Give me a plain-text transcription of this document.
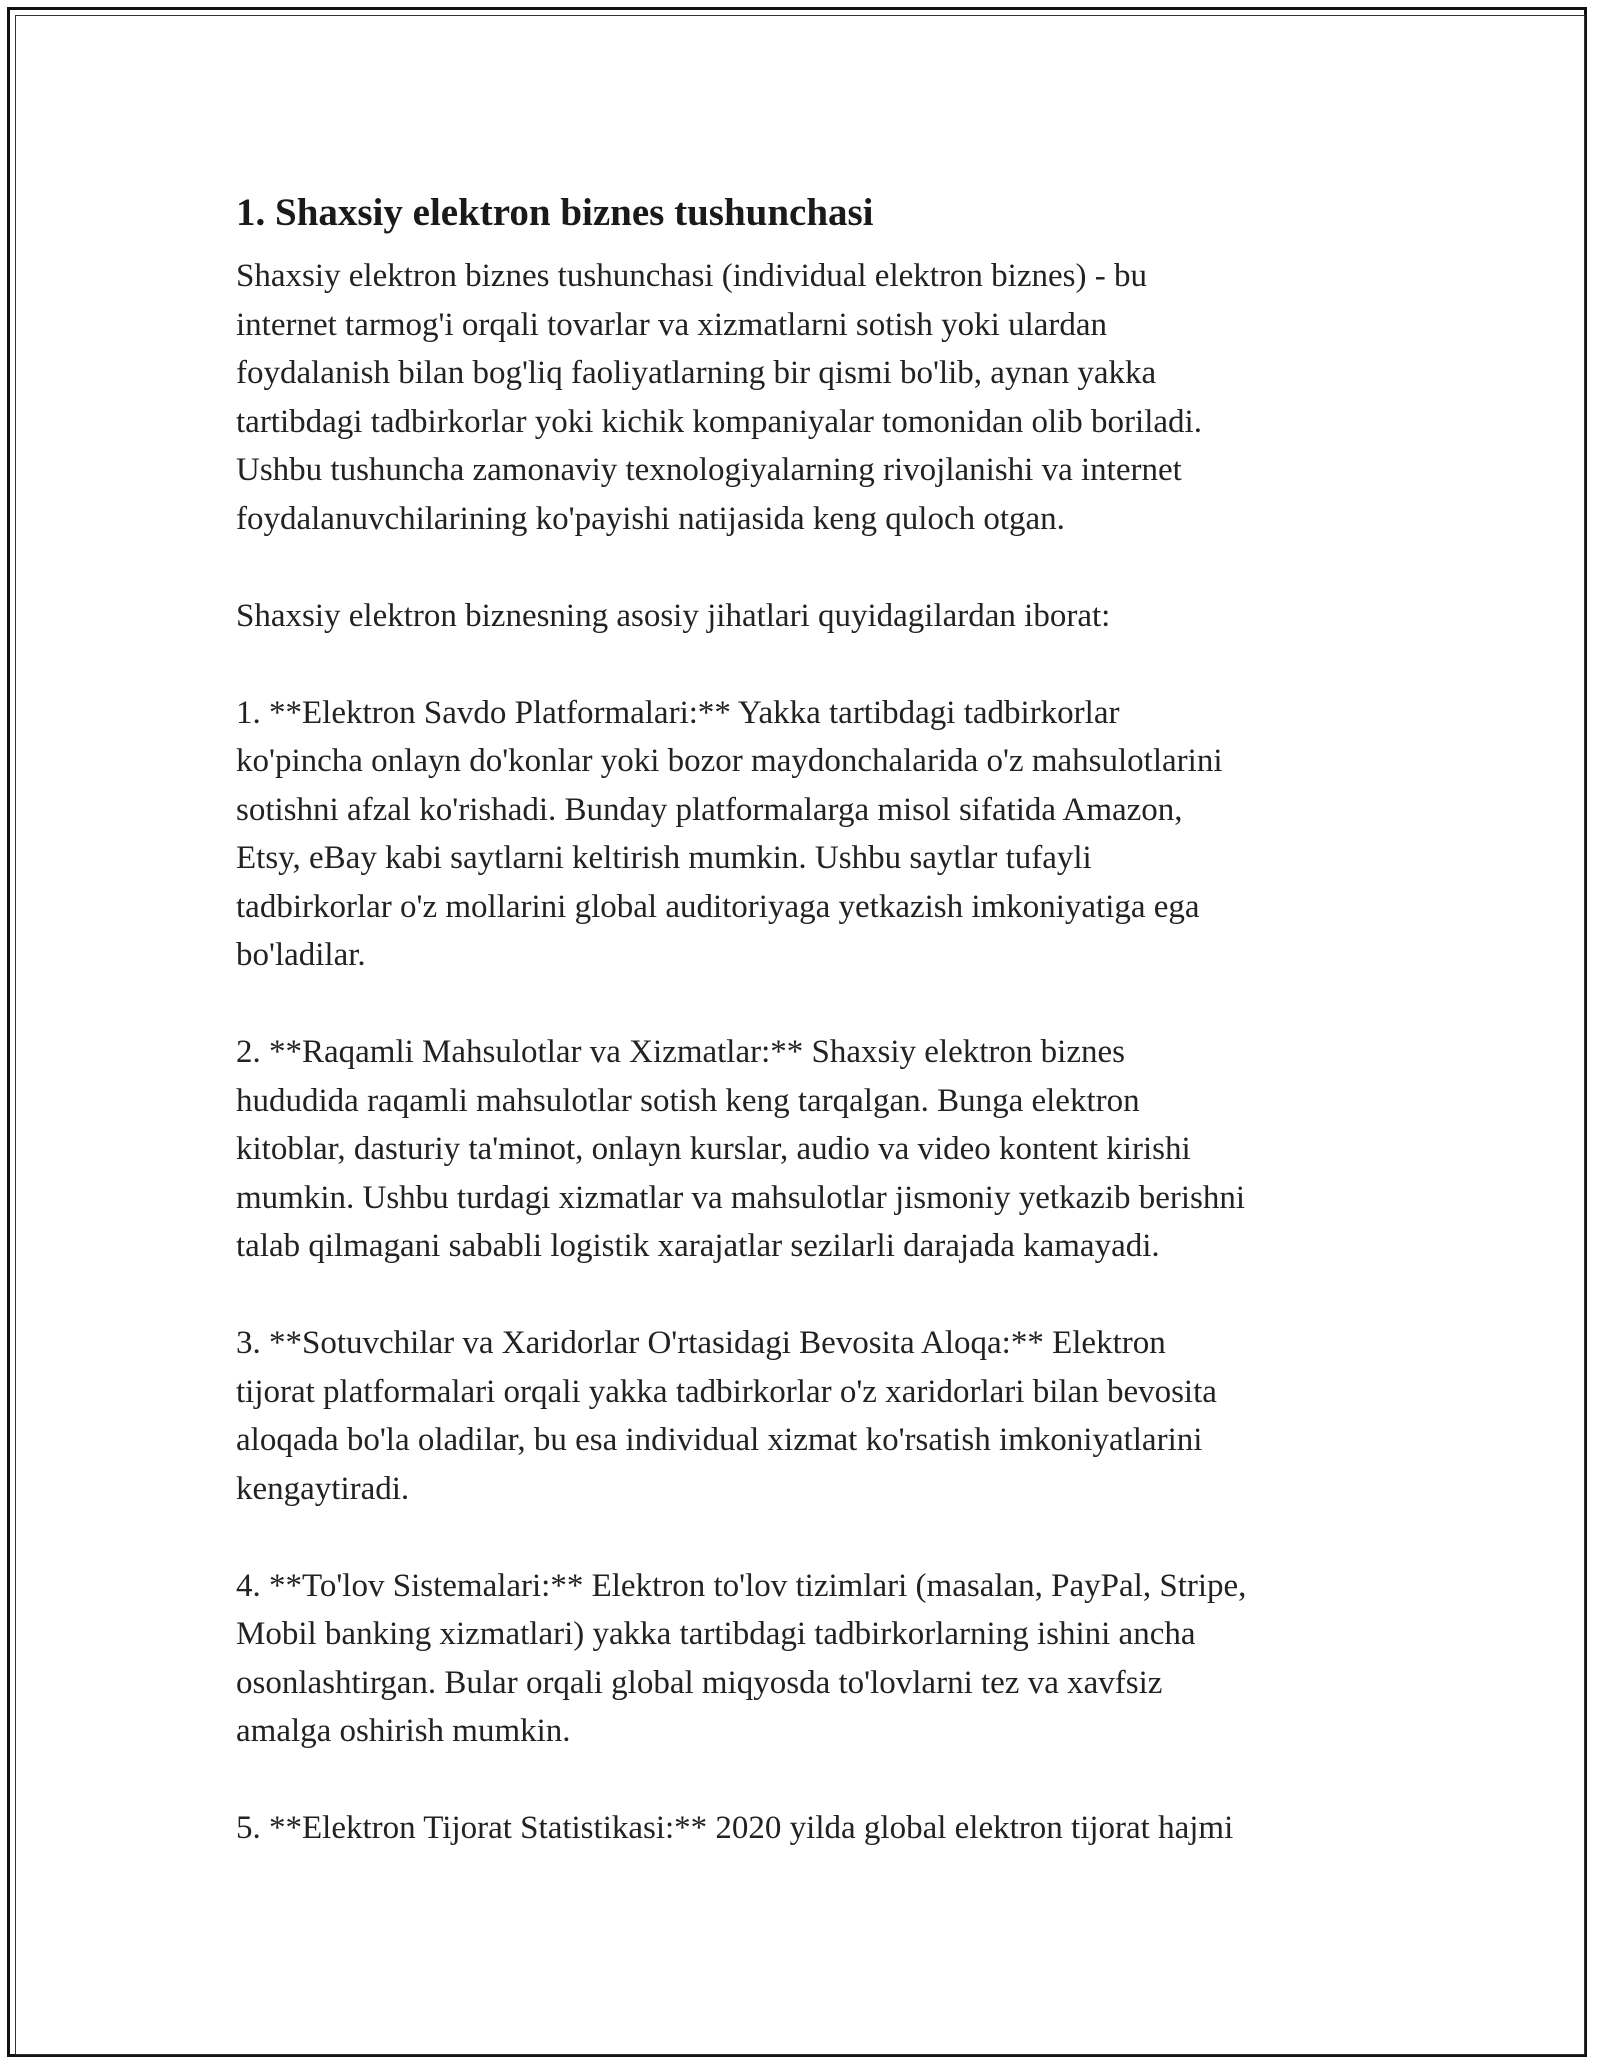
1. Shaxsiy elektron biznes tushunchasi

Shaxsiy elektron biznes tushunchasi (individual elektron biznes) - bu
internet tarmog'i orqali tovarlar va xizmatlarni sotish yoki ulardan
foydalanish bilan bog'liq faoliyatlarning bir qismi bo'lib, aynan yakka
tartibdagi tadbirkorlar yoki kichik kompaniyalar tomonidan olib boriladi.
Ushbu tushuncha zamonaviy texnologiyalarning rivojlanishi va internet
foydalanuvchilarining ko'payishi natijasida keng quloch otgan.

Shaxsiy elektron biznesning asosiy jihatlari quyidagilardan iborat:

1. **Elektron Savdo Platformalari:** Yakka tartibdagi tadbirkorlar
ko'pincha onlayn do'konlar yoki bozor maydonchalarida o'z mahsulotlarini
sotishni afzal ko'rishadi. Bunday platformalarga misol sifatida Amazon,
Etsy, eBay kabi saytlarni keltirish mumkin. Ushbu saytlar tufayli
tadbirkorlar o'z mollarini global auditoriyaga yetkazish imkoniyatiga ega
bo'ladilar.

2. **Raqamli Mahsulotlar va Xizmatlar:** Shaxsiy elektron biznes
hududida raqamli mahsulotlar sotish keng tarqalgan. Bunga elektron
kitoblar, dasturiy ta'minot, onlayn kurslar, audio va video kontent kirishi
mumkin. Ushbu turdagi xizmatlar va mahsulotlar jismoniy yetkazib berishni
talab qilmagani sababli logistik xarajatlar sezilarli darajada kamayadi.

3. **Sotuvchilar va Xaridorlar O'rtasidagi Bevosita Aloqa:** Elektron
tijorat platformalari orqali yakka tadbirkorlar o'z xaridorlari bilan bevosita
aloqada bo'la oladilar, bu esa individual xizmat ko'rsatish imkoniyatlarini
kengaytiradi.

4. **To'lov Sistemalari:** Elektron to'lov tizimlari (masalan, PayPal, Stripe,
Mobil banking xizmatlari) yakka tartibdagi tadbirkorlarning ishini ancha
osonlashtirgan. Bular orqali global miqyosda to'lovlarni tez va xavfsiz
amalga oshirish mumkin.

5. **Elektron Tijorat Statistikasi:** 2020 yilda global elektron tijorat hajmi
